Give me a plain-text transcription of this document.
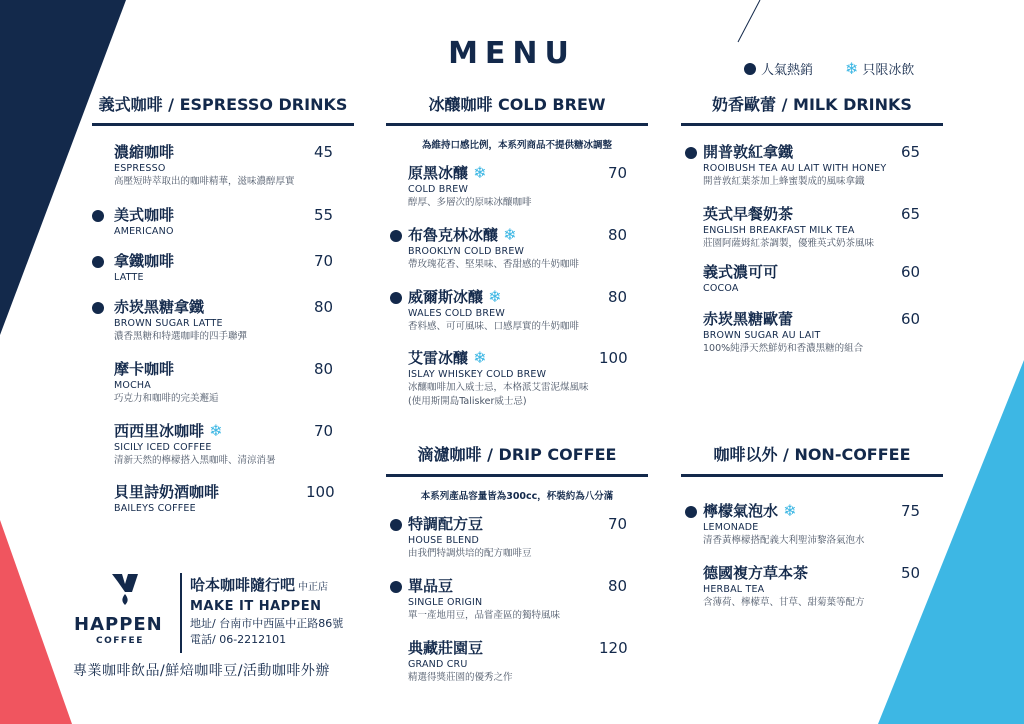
MENU	人氣熱銷 ❄ 只限冰飲
義式咖啡 / ESPRESSO DRINKS
濃縮咖啡	45
ESPRESSO
高壓短時萃取出的咖啡精華，滋味濃醇厚實
美式咖啡	55
AMERICANO
拿鐵咖啡	70
LATTE
赤崁黑糖拿鐵	80
BROWN SUGAR LATTE
濃香黑糖和特選咖啡的四手聯彈
摩卡咖啡	80
MOCHA
巧克力和咖啡的完美邂逅
西西里冰咖啡 ❄	70
SICILY ICED COFFEE
清新天然的檸檬搭入黑咖啡、清涼消暑
貝里詩奶酒咖啡	100
BAILEYS COFFEE
冰釀咖啡 COLD BREW
為維持口感比例，本系列商品不提供糖冰調整
原黑冰釀 ❄	70
COLD BREW
醇厚、多層次的原味冰釀咖啡
布魯克林冰釀 ❄	80
BROOKLYN COLD BREW
帶玫瑰花香、堅果味、香甜感的牛奶咖啡
威爾斯冰釀 ❄	80
WALES COLD BREW
香料感、可可風味、口感厚實的牛奶咖啡
艾雷冰釀 ❄	100
ISLAY WHISKEY COLD BREW
冰釀咖啡加入威士忌，本格派艾雷泥煤風味
(使用斯開島Talisker威士忌)
滴濾咖啡 / DRIP COFFEE
本系列產品容量皆為300cc，杯裝約為八分滿
特調配方豆	70
HOUSE BLEND
由我們特調烘培的配方咖啡豆
單品豆	80
SINGLE ORIGIN
單一產地用豆，品嘗產區的獨特風味
典藏莊園豆	120
GRAND CRU
精選得獎莊園的優秀之作
奶香歐蕾 / MILK DRINKS
開普敦紅拿鐵	65
ROOIBUSH TEA AU LAIT WITH HONEY
開普敦紅葉茶加上蜂蜜製成的風味拿鐵
英式早餐奶茶	65
ENGLISH BREAKFAST MILK TEA
莊園阿薩姆紅茶調製，優雅英式奶茶風味
義式濃可可	60
COCOA
赤崁黑糖歐蕾	60
BROWN SUGAR AU LAIT
100%純淨天然鮮奶和香濃黑糖的組合
咖啡以外 / NON-COFFEE
檸檬氣泡水 ❄	75
LEMONADE
清香黃檸檬搭配義大利聖沛黎洛氣泡水
德國複方草本茶	50
HERBAL TEA
含薄荷、檸檬草、甘草、甜菊葉等配方
HAPPEN
COFFEE
哈本咖啡隨行吧 中正店
MAKE IT HAPPEN
地址/ 台南市中西區中正路86號
電話/ 06-2212101
專業咖啡飲品/鮮焙咖啡豆/活動咖啡外辦
